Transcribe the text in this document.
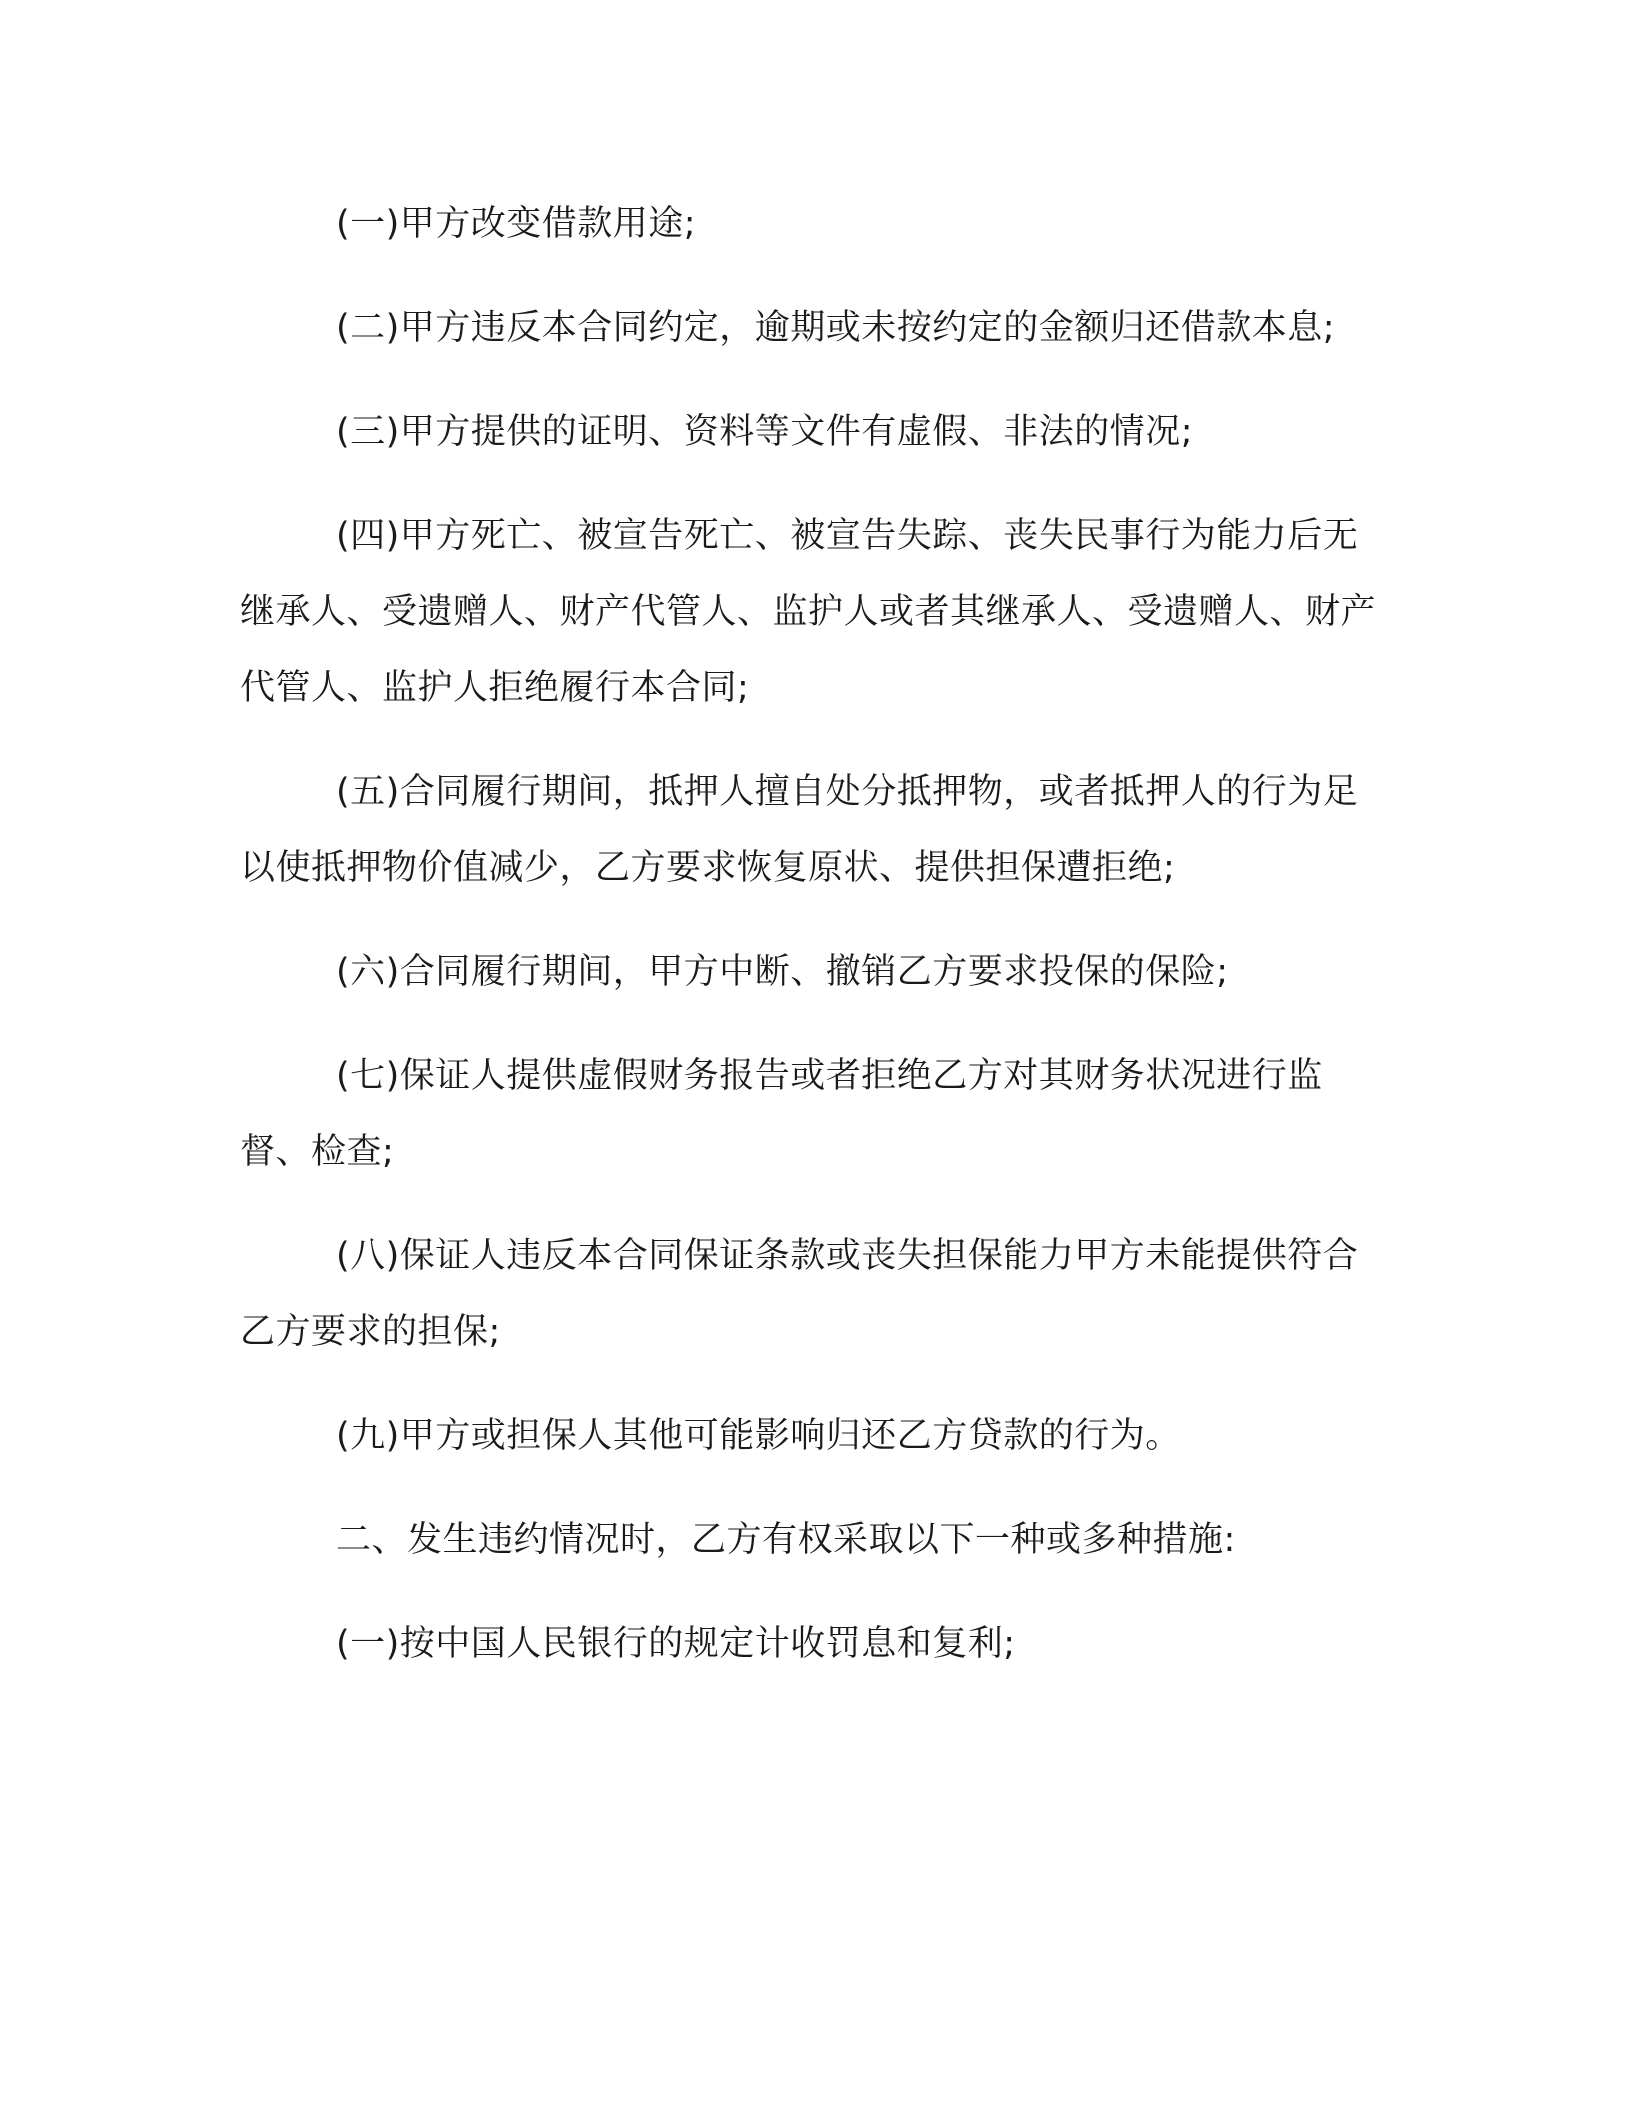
(一)甲方改变借款用途;

(二)甲方违反本合同约定，逾期或未按约定的金额归还借款本息;

(三)甲方提供的证明、资料等文件有虚假、非法的情况;

(四)甲方死亡、被宣告死亡、被宣告失踪、丧失民事行为能力后无继承人、受遗赠人、财产代管人、监护人或者其继承人、受遗赠人、财产代管人、监护人拒绝履行本合同;

(五)合同履行期间，抵押人擅自处分抵押物，或者抵押人的行为足以使抵押物价值减少，乙方要求恢复原状、提供担保遭拒绝;

(六)合同履行期间，甲方中断、撤销乙方要求投保的保险;

(七)保证人提供虚假财务报告或者拒绝乙方对其财务状况进行监督、检查;

(八)保证人违反本合同保证条款或丧失担保能力甲方未能提供符合乙方要求的担保;

(九)甲方或担保人其他可能影响归还乙方贷款的行为。

二、发生违约情况时，乙方有权采取以下一种或多种措施:

(一)按中国人民银行的规定计收罚息和复利;
